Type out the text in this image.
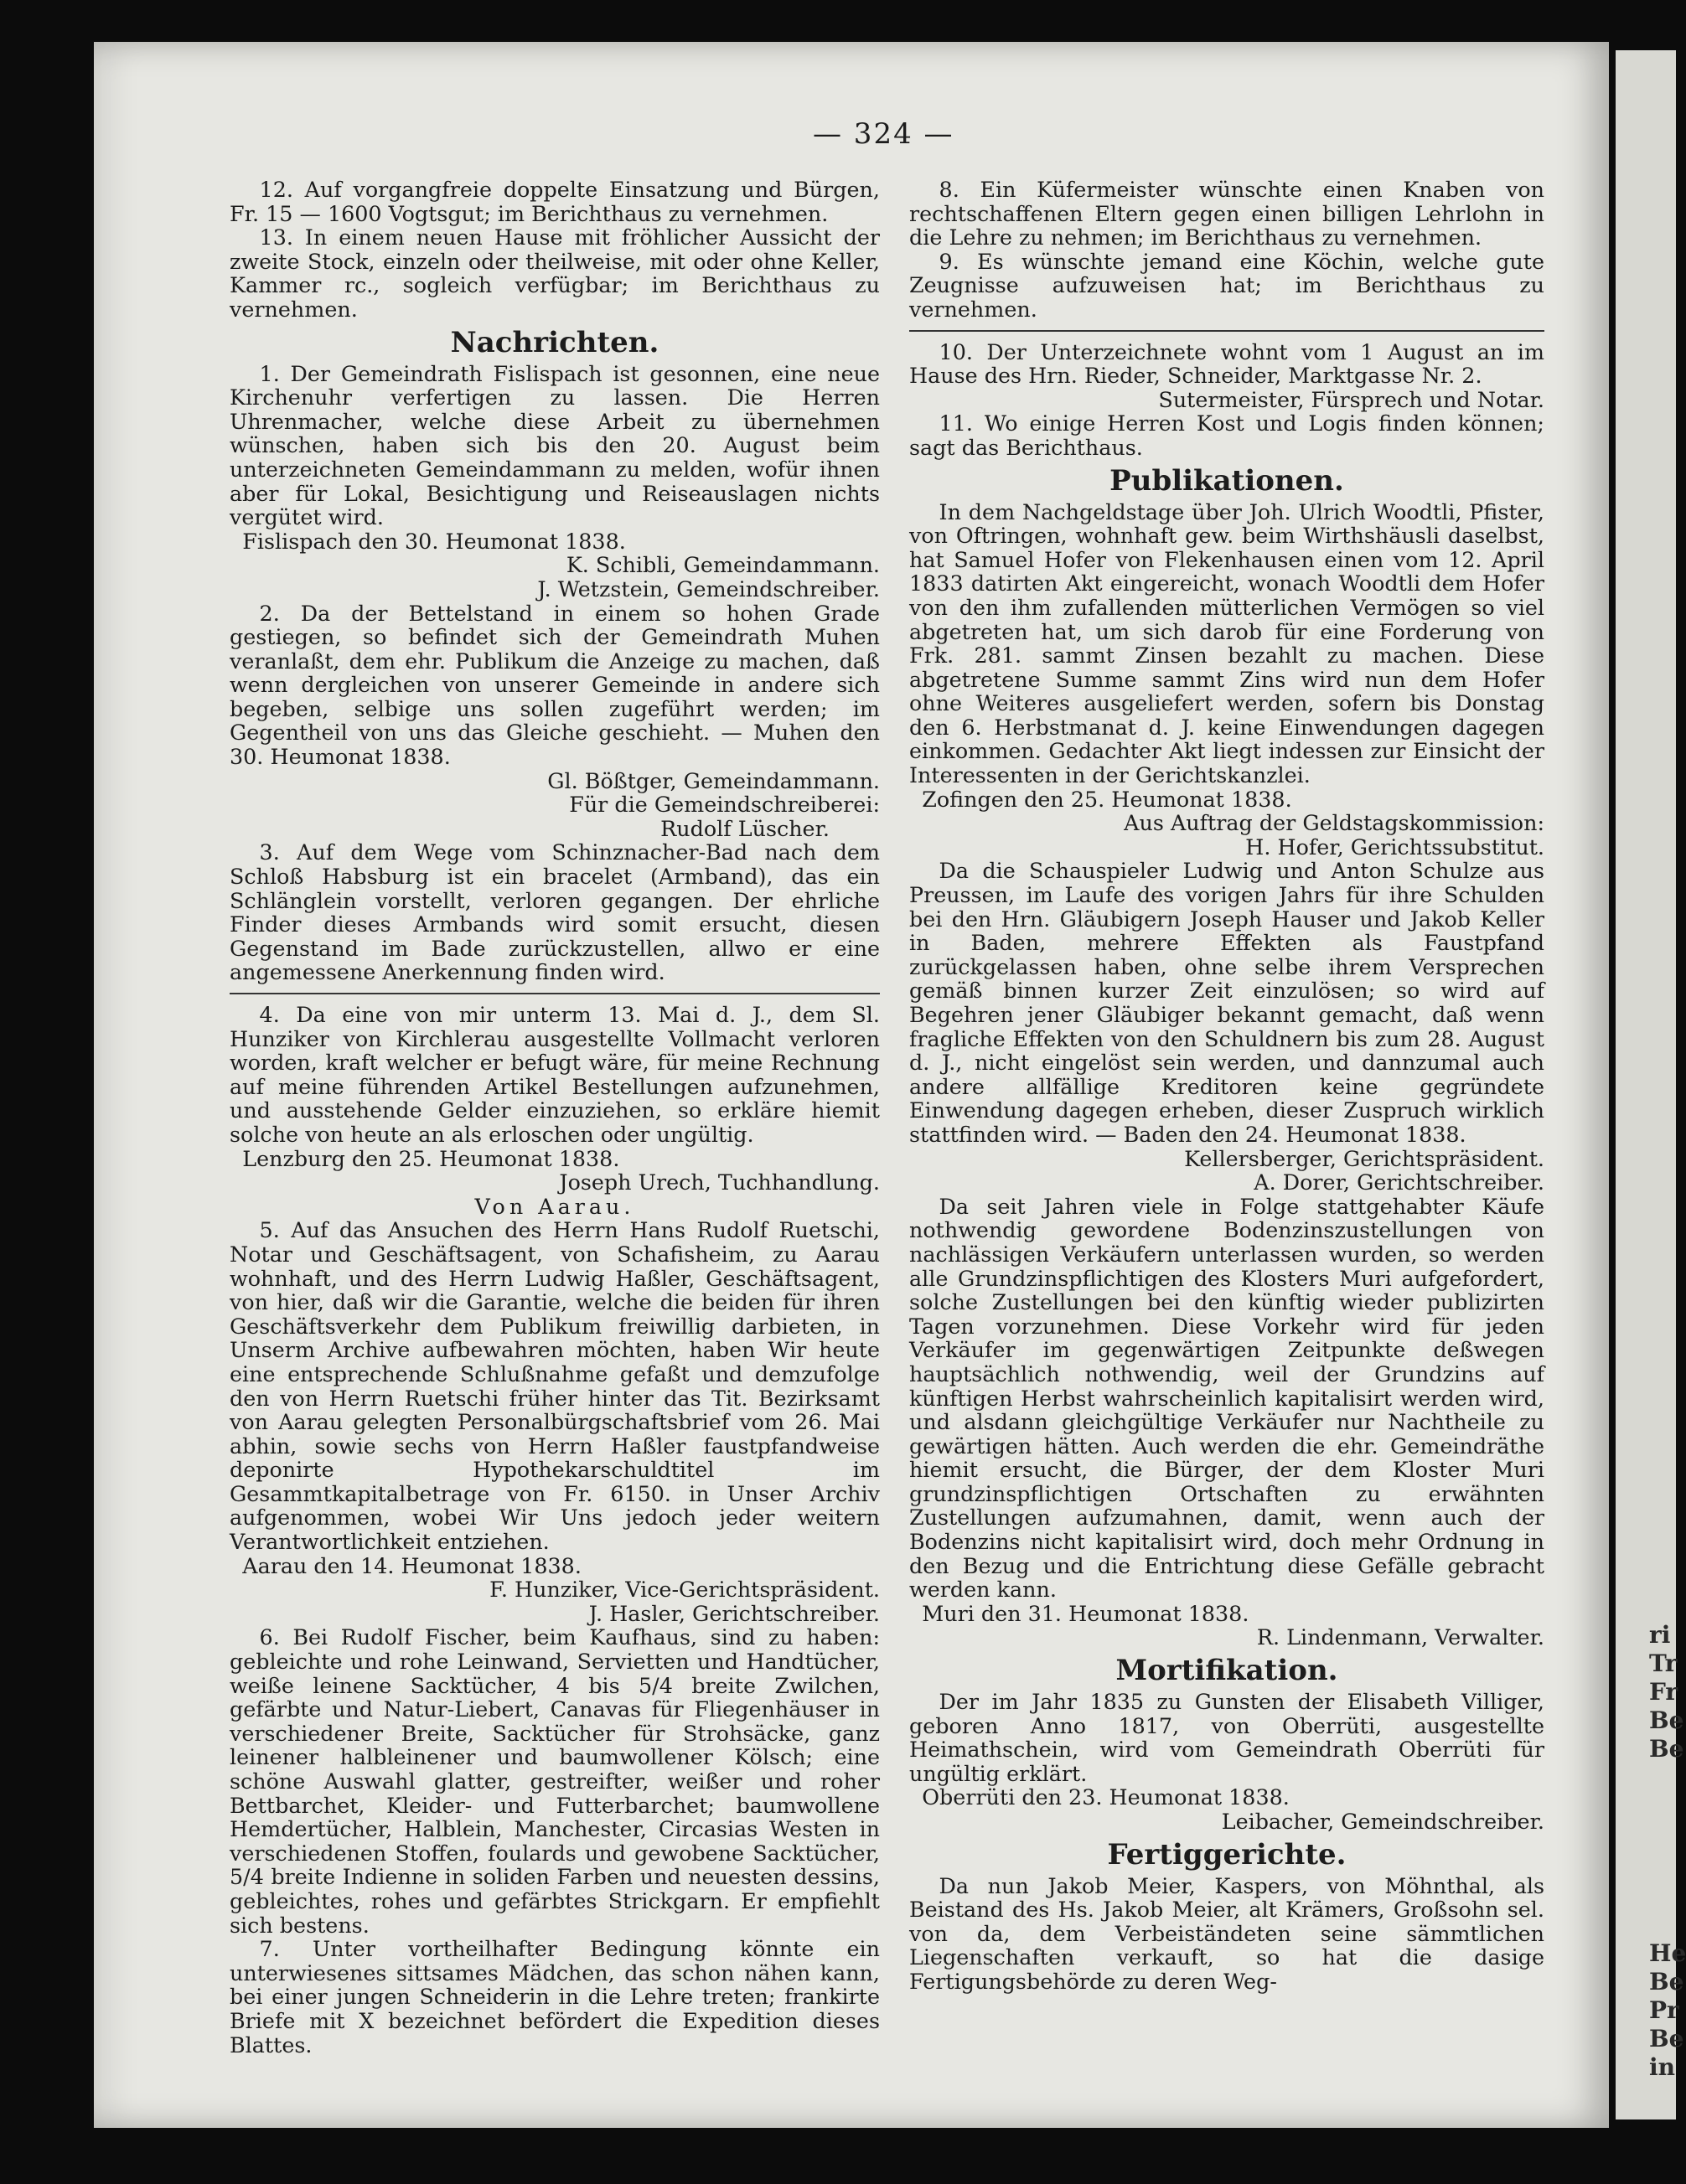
ri
Tr
Fr
Be
Be
He
Be
Pr
Be
in
— 324 —

12. Auf vorgangfreie doppelte Einsatzung und Bürgen, Fr. 15 — 1600 Vogtsgut; im Berichthaus zu vernehmen.

13. In einem neuen Hause mit fröhlicher Aussicht der zweite Stock, einzeln oder theilweise, mit oder ohne Keller, Kammer rc., sogleich verfügbar; im Berichthaus zu vernehmen.

Nachrichten.

1. Der Gemeindrath Fislispach ist gesonnen, eine neue Kirchenuhr verfertigen zu lassen. Die Herren Uhrenmacher, welche diese Arbeit zu übernehmen wünschen, haben sich bis den 20. August beim unterzeichneten Gemeindammann zu melden, wofür ihnen aber für Lokal, Besichtigung und Reiseauslagen nichts vergütet wird.

Fislispach den 30. Heumonat 1838.

K. Schibli, Gemeindammann.

J. Wetzstein, Gemeindschreiber.

2. Da der Bettelstand in einem so hohen Grade gestiegen, so befindet sich der Gemeindrath Muhen veranlaßt, dem ehr. Publikum die Anzeige zu machen, daß wenn dergleichen von unserer Gemeinde in andere sich begeben, selbige uns sollen zugeführt werden; im Gegentheil von uns das Gleiche geschieht. — Muhen den 30. Heumonat 1838.

Gl. Bößtger, Gemeindammann.

Für die Gemeindschreiberei:

Rudolf Lüscher.

3. Auf dem Wege vom Schinznacher-Bad nach dem Schloß Habsburg ist ein bracelet (Armband), das ein Schlänglein vorstellt, verloren gegangen. Der ehrliche Finder dieses Armbands wird somit ersucht, diesen Gegenstand im Bade zurückzustellen, allwo er eine angemessene Anerkennung finden wird.

4. Da eine von mir unterm 13. Mai d. J., dem Sl. Hunziker von Kirchlerau ausgestellte Vollmacht verloren worden, kraft welcher er befugt wäre, für meine Rechnung auf meine führenden Artikel Bestellungen aufzunehmen, und ausstehende Gelder einzuziehen, so erkläre hiemit solche von heute an als erloschen oder ungültig.

Lenzburg den 25. Heumonat 1838.

Joseph Urech, Tuchhandlung.

Von Aarau.

5. Auf das Ansuchen des Herrn Hans Rudolf Ruetschi, Notar und Geschäftsagent, von Schafisheim, zu Aarau wohnhaft, und des Herrn Ludwig Haßler, Geschäftsagent, von hier, daß wir die Garantie, welche die beiden für ihren Geschäftsverkehr dem Publikum freiwillig darbieten, in Unserm Archive aufbewahren möchten, haben Wir heute eine entsprechende Schlußnahme gefaßt und demzufolge den von Herrn Ruetschi früher hinter das Tit. Bezirksamt von Aarau gelegten Personalbürgschaftsbrief vom 26. Mai abhin, sowie sechs von Herrn Haßler faustpfandweise deponirte Hypothekarschuldtitel im Gesammtkapitalbetrage von Fr. 6150. in Unser Archiv aufgenommen, wobei Wir Uns jedoch jeder weitern Verantwortlichkeit entziehen.

Aarau den 14. Heumonat 1838.

F. Hunziker, Vice-Gerichtspräsident.

J. Hasler, Gerichtschreiber.

6. Bei Rudolf Fischer, beim Kaufhaus, sind zu haben: gebleichte und rohe Leinwand, Servietten und Handtücher, weiße leinene Sacktücher, 4 bis 5/4 breite Zwilchen, gefärbte und Natur-Liebert, Canavas für Fliegenhäuser in verschiedener Breite, Sacktücher für Strohsäcke, ganz leinener halbleinener und baumwollener Kölsch; eine schöne Auswahl glatter, gestreifter, weißer und roher Bettbarchet, Kleider- und Futterbarchet; baumwollene Hemdertücher, Halblein, Manchester, Circasias Westen in verschiedenen Stoffen, foulards und gewobene Sacktücher, 5/4 breite Indienne in soliden Farben und neuesten dessins, gebleichtes, rohes und gefärbtes Strickgarn. Er empfiehlt sich bestens.

7. Unter vortheilhafter Bedingung könnte ein unterwiesenes sittsames Mädchen, das schon nähen kann, bei einer jungen Schneiderin in die Lehre treten; frankirte Briefe mit X bezeichnet befördert die Expedition dieses Blattes.

8. Ein Küfermeister wünschte einen Knaben von rechtschaffenen Eltern gegen einen billigen Lehrlohn in die Lehre zu nehmen; im Berichthaus zu vernehmen.

9. Es wünschte jemand eine Köchin, welche gute Zeugnisse aufzuweisen hat; im Berichthaus zu vernehmen.

10. Der Unterzeichnete wohnt vom 1 August an im Hause des Hrn. Rieder, Schneider, Marktgasse Nr. 2.

Sutermeister, Fürsprech und Notar.

11. Wo einige Herren Kost und Logis finden können; sagt das Berichthaus.

Publikationen.

In dem Nachgeldstage über Joh. Ulrich Woodtli, Pfister, von Oftringen, wohnhaft gew. beim Wirthshäusli daselbst, hat Samuel Hofer von Flekenhausen einen vom 12. April 1833 datirten Akt eingereicht, wonach Woodtli dem Hofer von den ihm zufallenden mütterlichen Vermögen so viel abgetreten hat, um sich darob für eine Forderung von Frk. 281. sammt Zinsen bezahlt zu machen. Diese abgetretene Summe sammt Zins wird nun dem Hofer ohne Weiteres ausgeliefert werden, sofern bis Donstag den 6. Herbstmanat d. J. keine Einwendungen dagegen einkommen. Gedachter Akt liegt indessen zur Einsicht der Interessenten in der Gerichtskanzlei.

Zofingen den 25. Heumonat 1838.

Aus Auftrag der Geldstagskommission:

H. Hofer, Gerichtssubstitut.

Da die Schauspieler Ludwig und Anton Schulze aus Preussen, im Laufe des vorigen Jahrs für ihre Schulden bei den Hrn. Gläubigern Joseph Hauser und Jakob Keller in Baden, mehrere Effekten als Faustpfand zurückgelassen haben, ohne selbe ihrem Versprechen gemäß binnen kurzer Zeit einzulösen; so wird auf Begehren jener Gläubiger bekannt gemacht, daß wenn fragliche Effekten von den Schuldnern bis zum 28. August d. J., nicht eingelöst sein werden, und dannzumal auch andere allfällige Kreditoren keine gegründete Einwendung dagegen erheben, dieser Zuspruch wirklich stattfinden wird. — Baden den 24. Heumonat 1838.

Kellersberger, Gerichtspräsident.

A. Dorer, Gerichtschreiber.

Da seit Jahren viele in Folge stattgehabter Käufe nothwendig gewordene Bodenzinszustellungen von nachlässigen Verkäufern unterlassen wurden, so werden alle Grundzinspflichtigen des Klosters Muri aufgefordert, solche Zustellungen bei den künftig wieder publizirten Tagen vorzunehmen. Diese Vorkehr wird für jeden Verkäufer im gegenwärtigen Zeitpunkte deßwegen hauptsächlich nothwendig, weil der Grundzins auf künftigen Herbst wahrscheinlich kapitalisirt werden wird, und alsdann gleichgültige Verkäufer nur Nachtheile zu gewärtigen hätten. Auch werden die ehr. Gemeindräthe hiemit ersucht, die Bürger, der dem Kloster Muri grundzinspflichtigen Ortschaften zu erwähnten Zustellungen aufzumahnen, damit, wenn auch der Bodenzins nicht kapitalisirt wird, doch mehr Ordnung in den Bezug und die Entrichtung diese Gefälle gebracht werden kann.

Muri den 31. Heumonat 1838.

R. Lindenmann, Verwalter.

Mortifikation.

Der im Jahr 1835 zu Gunsten der Elisabeth Villiger, geboren Anno 1817, von Oberrüti, ausgestellte Heimathschein, wird vom Gemeindrath Oberrüti für ungültig erklärt.

Oberrüti den 23. Heumonat 1838.

Leibacher, Gemeindschreiber.

Fertiggerichte.

Da nun Jakob Meier, Kaspers, von Möhnthal, als Beistand des Hs. Jakob Meier, alt Krämers, Großsohn sel. von da, dem Verbeiständeten seine sämmtlichen Liegenschaften verkauft, so hat die dasige Fertigungsbehörde zu deren Weg-
